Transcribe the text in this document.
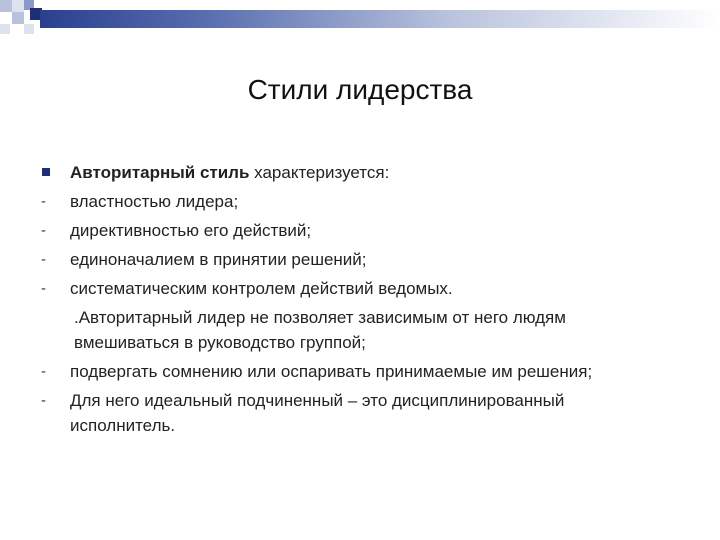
Стили лидерства
Авторитарный стиль характеризуется:
- властностью лидера;
- директивностью его действий;
- единоначалием в принятии решений;
- систематическим контролем действий ведомых.
.Авторитарный лидер не позволяет зависимым от него людям вмешиваться в руководство группой;
- подвергать сомнению или оспаривать принимаемые им решения;
- Для него идеальный подчиненный – это дисциплинированный исполнитель.
